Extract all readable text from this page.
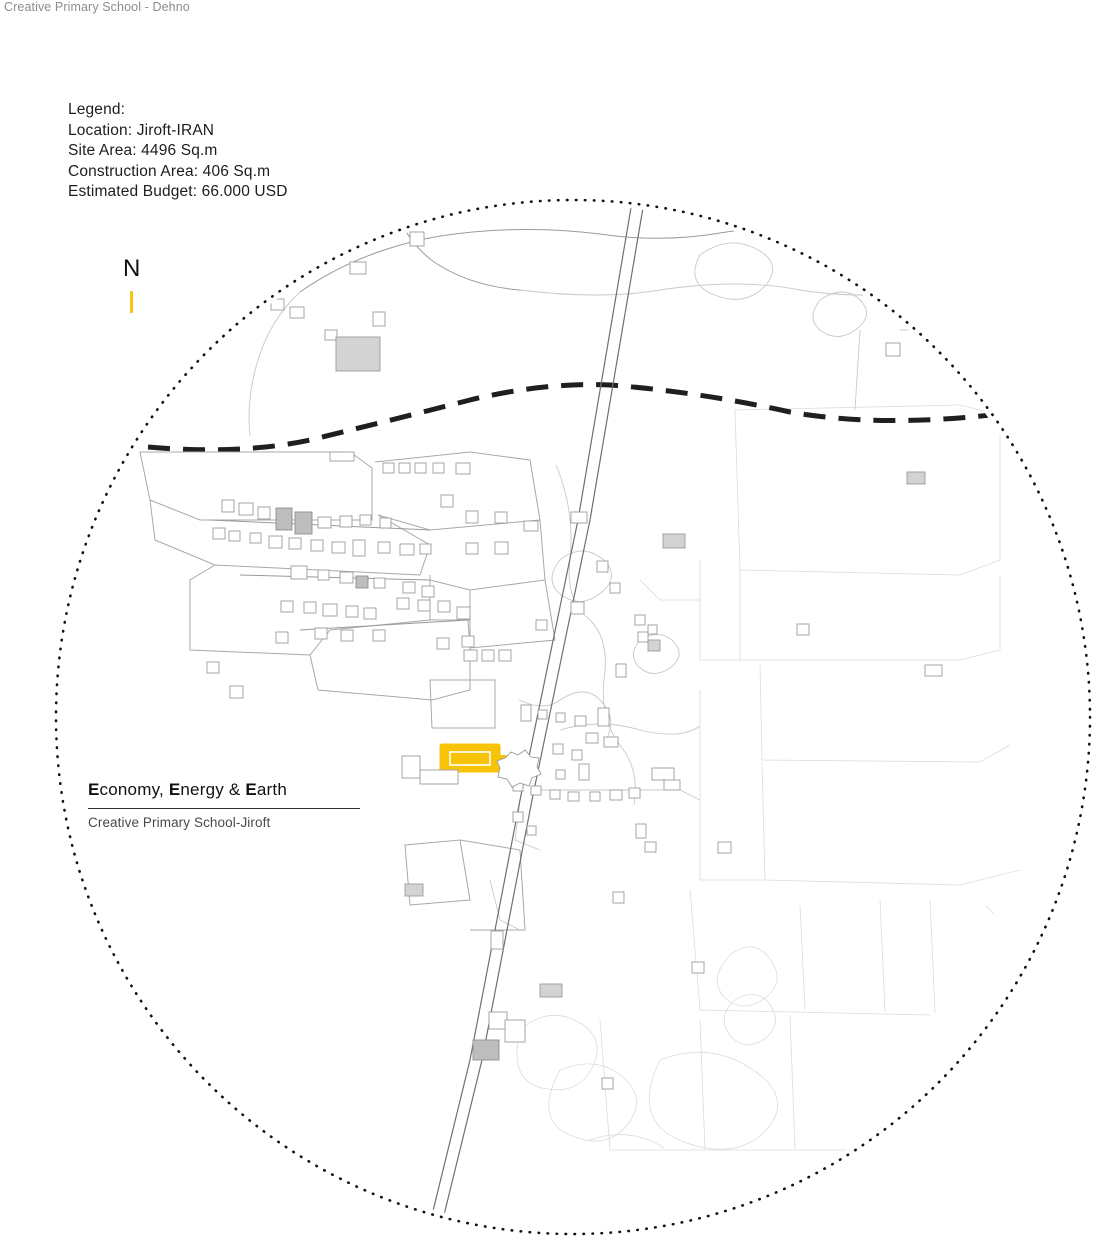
Creative Primary School - Dehno
Legend:
Location: Jiroft-IRAN
Site Area: 4496 Sq.m
Construction Area: 406 Sq.m
Estimated Budget: 66.000 USD
N
Economy, Energy & Earth
Creative Primary School-Jiroft
